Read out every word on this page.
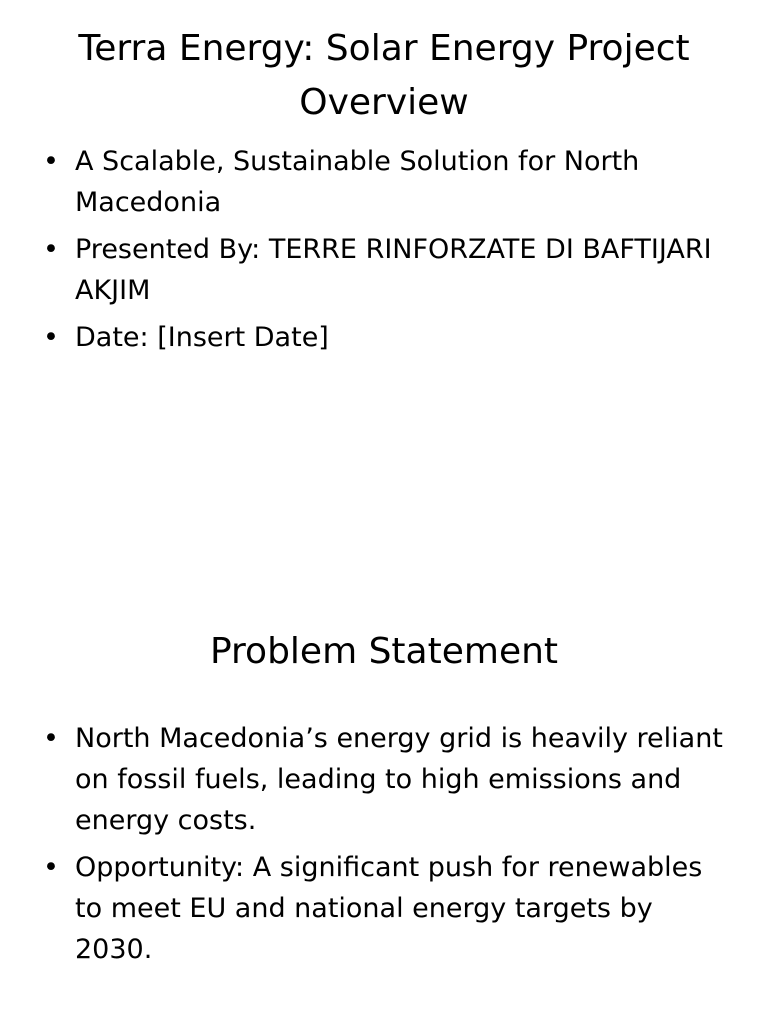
Terra Energy: Solar Energy Project Overview
• A Scalable, Sustainable Solution for North Macedonia
• Presented By: TERRE RINFORZATE DI BAFTIJARI AKJIM
• Date: [Insert Date]
Problem Statement
• North Macedonia’s energy grid is heavily reliant on fossil fuels, leading to high emissions and energy costs.
• Opportunity: A significant push for renewables to meet EU and national energy targets by 2030.
